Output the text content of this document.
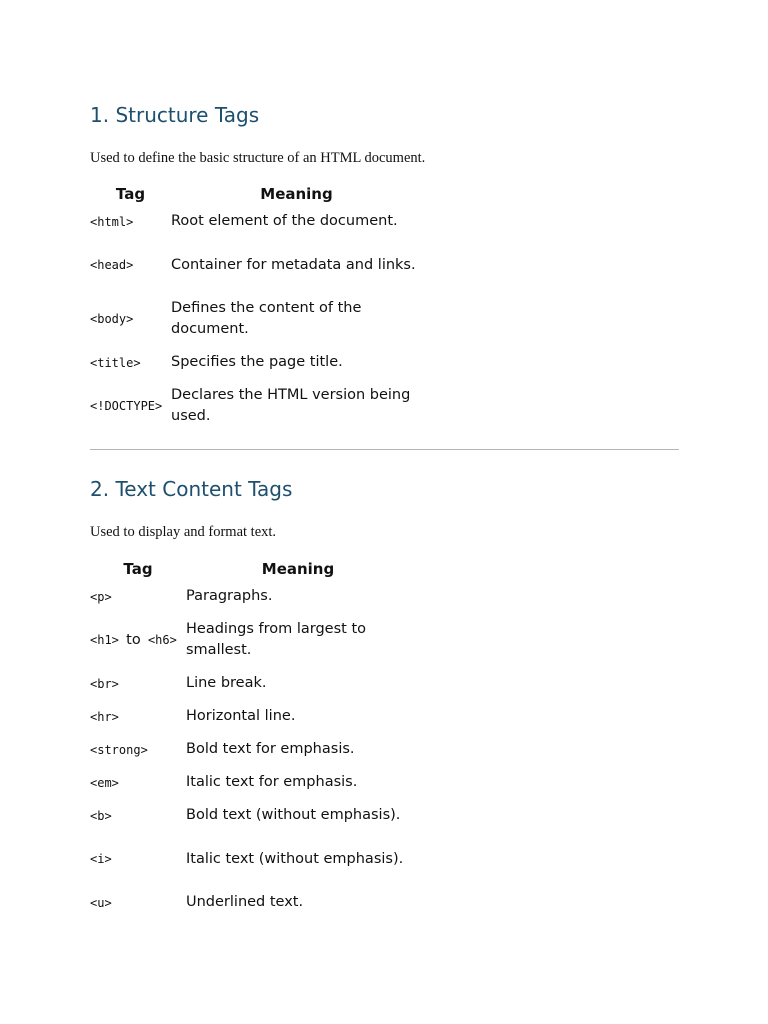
1. Structure Tags

Used to define the basic structure of an HTML document.

Tag	Meaning
<html>	Root element of the document.
<head>	Container for metadata and links.
<body>	Defines the content of the document.
<title>	Specifies the page title.
<!DOCTYPE>	Declares the HTML version being used.
2. Text Content Tags

Used to display and format text.

Tag	Meaning
<p>	Paragraphs.
<h1> to <h6>	Headings from largest to smallest.
<br>	Line break.
<hr>	Horizontal line.
<strong>	Bold text for emphasis.
<em>	Italic text for emphasis.
<b>	Bold text (without emphasis).
<i>	Italic text (without emphasis).
<u>	Underlined text.
